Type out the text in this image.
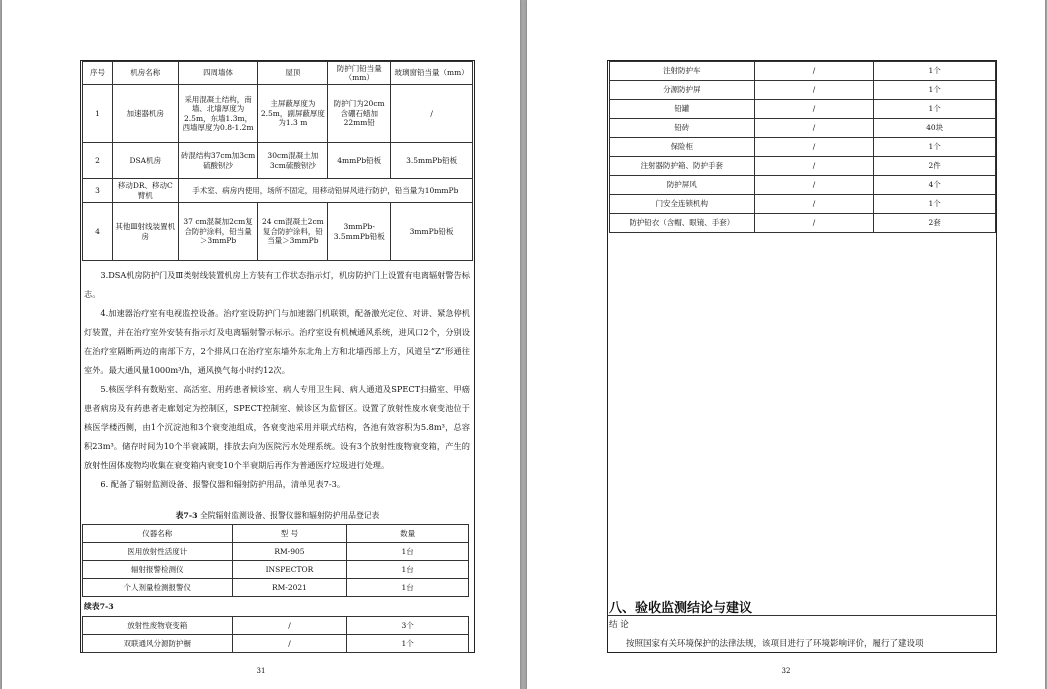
序号	机房名称	四周墙体	屋顶	防护门铅当量（mm）	玻璃窗铅当量（mm）
1	加速器机房	采用混凝土结构，南墙、北墙厚度为2.5m，东墙1.3m，西墙厚度为0.8-1.2m	主屏蔽厚度为2.5m，副屏蔽厚度为1.3 m	防护门为20cm含硼石蜡加22mm铅	/
2	DSA机房	砖混结构37cm加3cm硫酸钡沙	30cm混凝土加3cm硫酸钡沙	4mmPb铅板	3.5mmPb铅板
3	移动DR、移动C臂机	手术室、病房内使用，场所不固定，用移动铅屏风进行防护，铅当量为10mmPb			
4	其他Ⅲ射线装置机房	37 cm混凝加2cm复合防护涂料，铅当量＞3mmPb	24 cm混凝土2cm复合防护涂料，铅当量＞3mmPb	3mmPb-3.5mmPb铅板	3mmPb铅板

3.DSA机房防护门及Ⅲ类射线装置机房上方装有工作状态指示灯，机房防护门上设置有电离辐射警告标志。

4.加速器治疗室有电视监控设备。治疗室设防护门与加速器门机联锁，配备激光定位、对讲、紧急停机灯装置，并在治疗室外安装有指示灯及电离辐射警示标示。治疗室设有机械通风系统，进风口2个，分别设在治疗室隔断两边的南部下方，2个排风口在治疗室东墙外东北角上方和北墙西部上方，风道呈“Z”形通往室外。最大通风量1000m³/h，通风换气每小时约12次。

5.核医学科有数贴室、高活室、用药患者候诊室、病人专用卫生间、病人通道及SPECT扫描室、甲癌患者病房及有药患者走廊划定为控制区，SPECT控制室、候诊区为监督区。设置了放射性废水衰变池位于核医学楼西侧，由1个沉淀池和3个衰变池组成，各衰变池采用并联式结构，各池有效容积为5.8m³，总容积23m³。储存时间为10个半衰减期，排放去向为医院污水处理系统。设有3个放射性废物衰变箱，产生的放射性固体废物均收集在衰变箱内衰变10个半衰期后再作为普通医疗垃圾进行处理。

6. 配备了辐射监测设备、报警仪器和辐射防护用品，清单见表7-3。

表7-3 全院辐射监测设备、报警仪器和辐射防护用品登记表
仪器名称	型 号	数量
医用放射性活度计	RM-905	1台
辐射报警检测仪	INSPECTOR	1台
个人剂量检测报警仪	RM-2021	1台
续表7-3
放射性废物衰变箱	/	3个
双联通风分源防护橱	/	1个
31
注射防护车	/	1个
分源防护屏	/	1个
铅罐	/	1个
铅砖	/	40块
保险柜	/	1个
注射器防护箱、防护手套	/	2件
防护屏风	/	4个
门安全连锁机构	/	1个
防护铅衣（含帽、眼镜、手套）	/	2套
八、验收监测结论与建议
结 论
按照国家有关环境保护的法律法规，该项目进行了环境影响评价，履行了建设项
32
